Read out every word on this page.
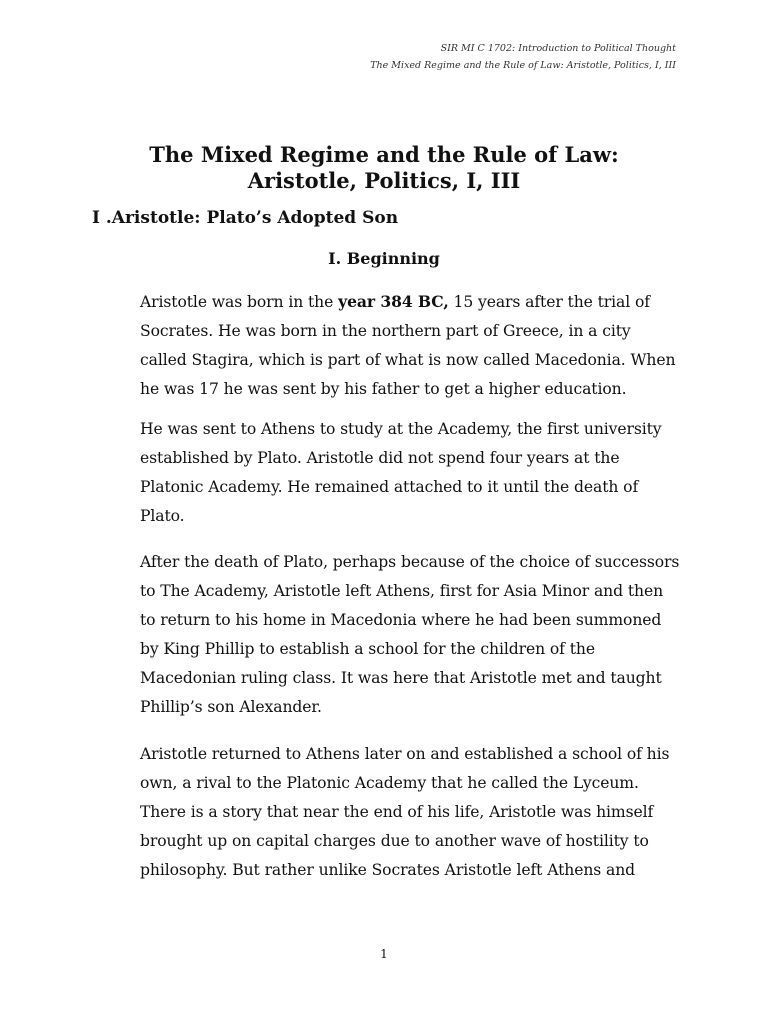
SIR MI C 1702: Introduction to Political Thought
The Mixed Regime and the Rule of Law: Aristotle, Politics, I, III
The Mixed Regime and the Rule of Law:
Aristotle, Politics, I, III
I .Aristotle: Plato’s Adopted Son
I. Beginning

Aristotle was born in the year 384 BC, 15 years after the trial of Socrates. He was born in the northern part of Greece, in a city called Stagira, which is part of what is now called Macedonia. When he was 17 he was sent by his father to get a higher education.

He was sent to Athens to study at the Academy, the first university established by Plato. Aristotle did not spend four years at the Platonic Academy. He remained attached to it until the death of Plato.

After the death of Plato, perhaps because of the choice of successors to The Academy, Aristotle left Athens, first for Asia Minor and then to return to his home in Macedonia where he had been summoned by King Phillip to establish a school for the children of the Macedonian ruling class. It was here that Aristotle met and taught Phillip’s son Alexander.

Aristotle returned to Athens later on and established a school of his own, a rival to the Platonic Academy that he called the Lyceum. There is a story that near the end of his life, Aristotle was himself brought up on capital charges due to another wave of hostility to philosophy. But rather unlike Socrates Aristotle left Athens and

1
